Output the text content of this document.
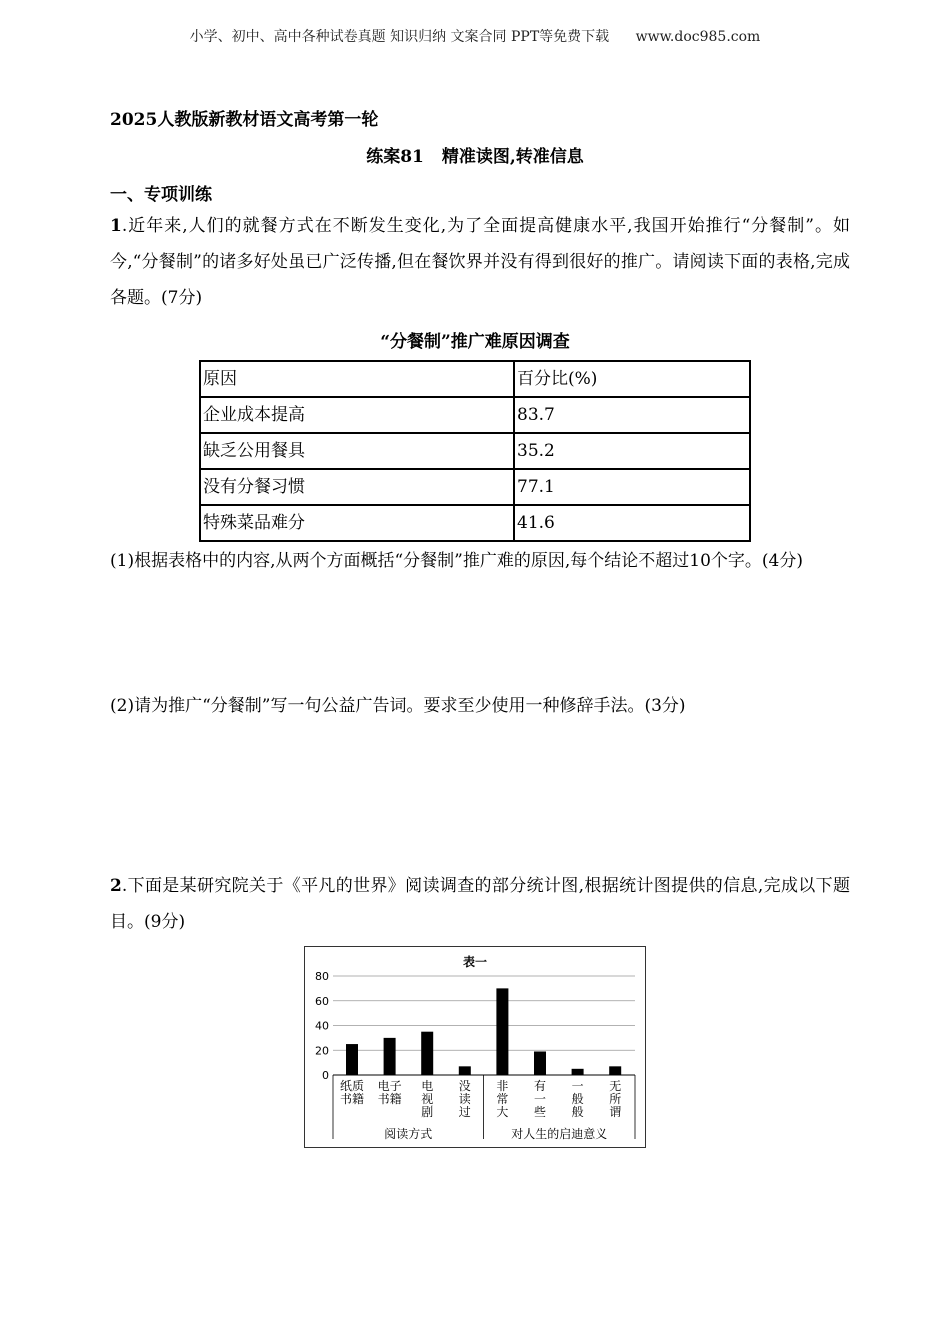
小学、初中、高中各种试卷真题 知识归纳 文案合同 PPT等免费下载 www.doc985.com
2025人教版新教材语文高考第一轮
练案81 精准读图,转准信息
一、专项训练
1.近年来,人们的就餐方式在不断发生变化,为了全面提高健康水平,我国开始推行“分餐制”。如今,“分餐制”的诸多好处虽已广泛传播,但在餐饮界并没有得到很好的推广。请阅读下面的表格,完成各题。(7分)
“分餐制”推广难原因调查
原因	百分比(%)
企业成本提高	83.7
缺乏公用餐具	35.2
没有分餐习惯	77.1
特殊菜品难分	41.6
(1)根据表格中的内容,从两个方面概括“分餐制”推广难的原因,每个结论不超过10个字。(4分)
(2)请为推广“分餐制”写一句公益广告词。要求至少使用一种修辞手法。(3分)
2.下面是某研究院关于《平凡的世界》阅读调查的部分统计图,根据统计图提供的信息,完成以下题目。(9分)
表一
0
20
40
60
80
纸质
书籍
电子
书籍
电
视
剧
没
读
过
非
常
大
有
一
些
一
般
般
无
所
谓
阅读方式	对人生的启迪意义
